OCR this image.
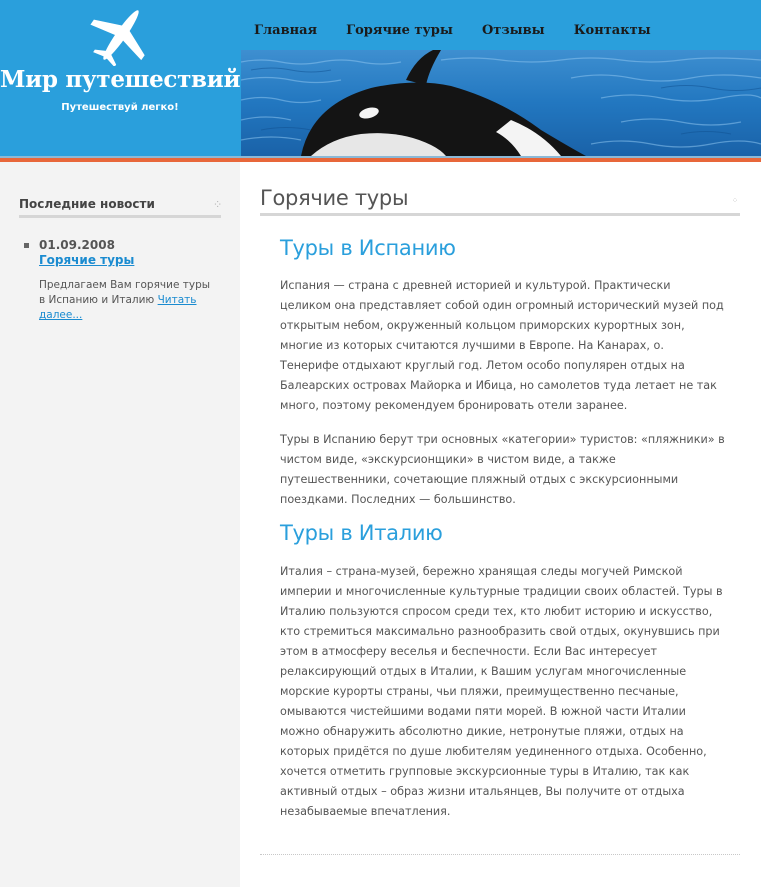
Мир путешествий
Путешествуй легко!
Главная Горячие туры Отзывы Контакты
Последние новости	⁘
01.09.2008
Горячие туры
Предлагаем Вам горячие туры в Испанию и Италию Читать далее...
Горячие туры	⁘
Туры в Испанию

Испания — страна с древней историей и культурой. Практически целиком она представляет собой один огромный исторический музей под открытым небом, окруженный кольцом приморских курортных зон, многие из которых считаются лучшими в Европе. На Канарах, о. Тенерифе отдыхают круглый год. Летом особо популярен отдых на Балеарских островах Майорка и Ибица, но самолетов туда летает не так много, поэтому рекомендуем бронировать отели заранее.

Туры в Испанию берут три основных «категории» туристов: «пляжники» в чистом виде, «экскурсионщики» в чистом виде, а также путешественники, сочетающие пляжный отдых с экскурсионными поездками. Последних — большинство.

Туры в Италию

Италия – страна-музей, бережно хранящая следы могучей Римской империи и многочисленные культурные традиции своих областей. Туры в Италию пользуются спросом среди тех, кто любит историю и искусство, кто стремиться максимально разнообразить свой отдых, окунувшись при этом в атмосферу веселья и беспечности. Если Вас интересует релаксирующий отдых в Италии, к Вашим услугам многочисленные морские курорты страны, чьи пляжи, преимущественно песчаные, омываются чистейшими водами пяти морей. В южной части Италии можно обнаружить абсолютно дикие, нетронутые пляжи, отдых на которых придётся по душе любителям уединенного отдыха. Особенно, хочется отметить групповые экскурсионные туры в Италию, так как активный отдых – образ жизни итальянцев, Вы получите от отдыха незабываемые впечатления.
